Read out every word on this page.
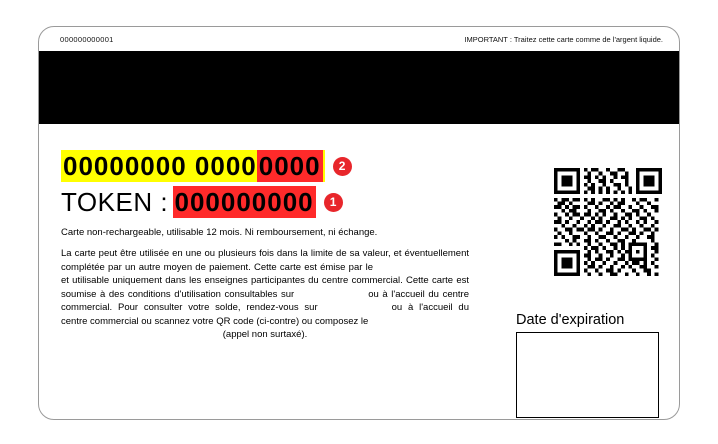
000000000001	IMPORTANT : Traitez cette carte comme de l'argent liquide.
00000000 00000000 2
TOKEN : 000000000 1
Carte non-rechargeable, utilisable 12 mois. Ni remboursement, ni échange.
La carte peut être utilisée en une ou plusieurs fois dans la limite de sa valeur, et éventuellement complétée par un autre moyen de paiement. Cette carte est émise par leet utilisable uniquement dans les enseignes participantes du centre commercial. Cette carte est soumise à des conditions d'utilisation consultables sur	ou à l'accueil du centre commercial. Pour consulter votre solde, rendez-vous sur	ou à l'accueil du centre commercial ou scannez votre QR code (ci-contre) ou composez le
(appel non surtaxé).
Date d'expiration
